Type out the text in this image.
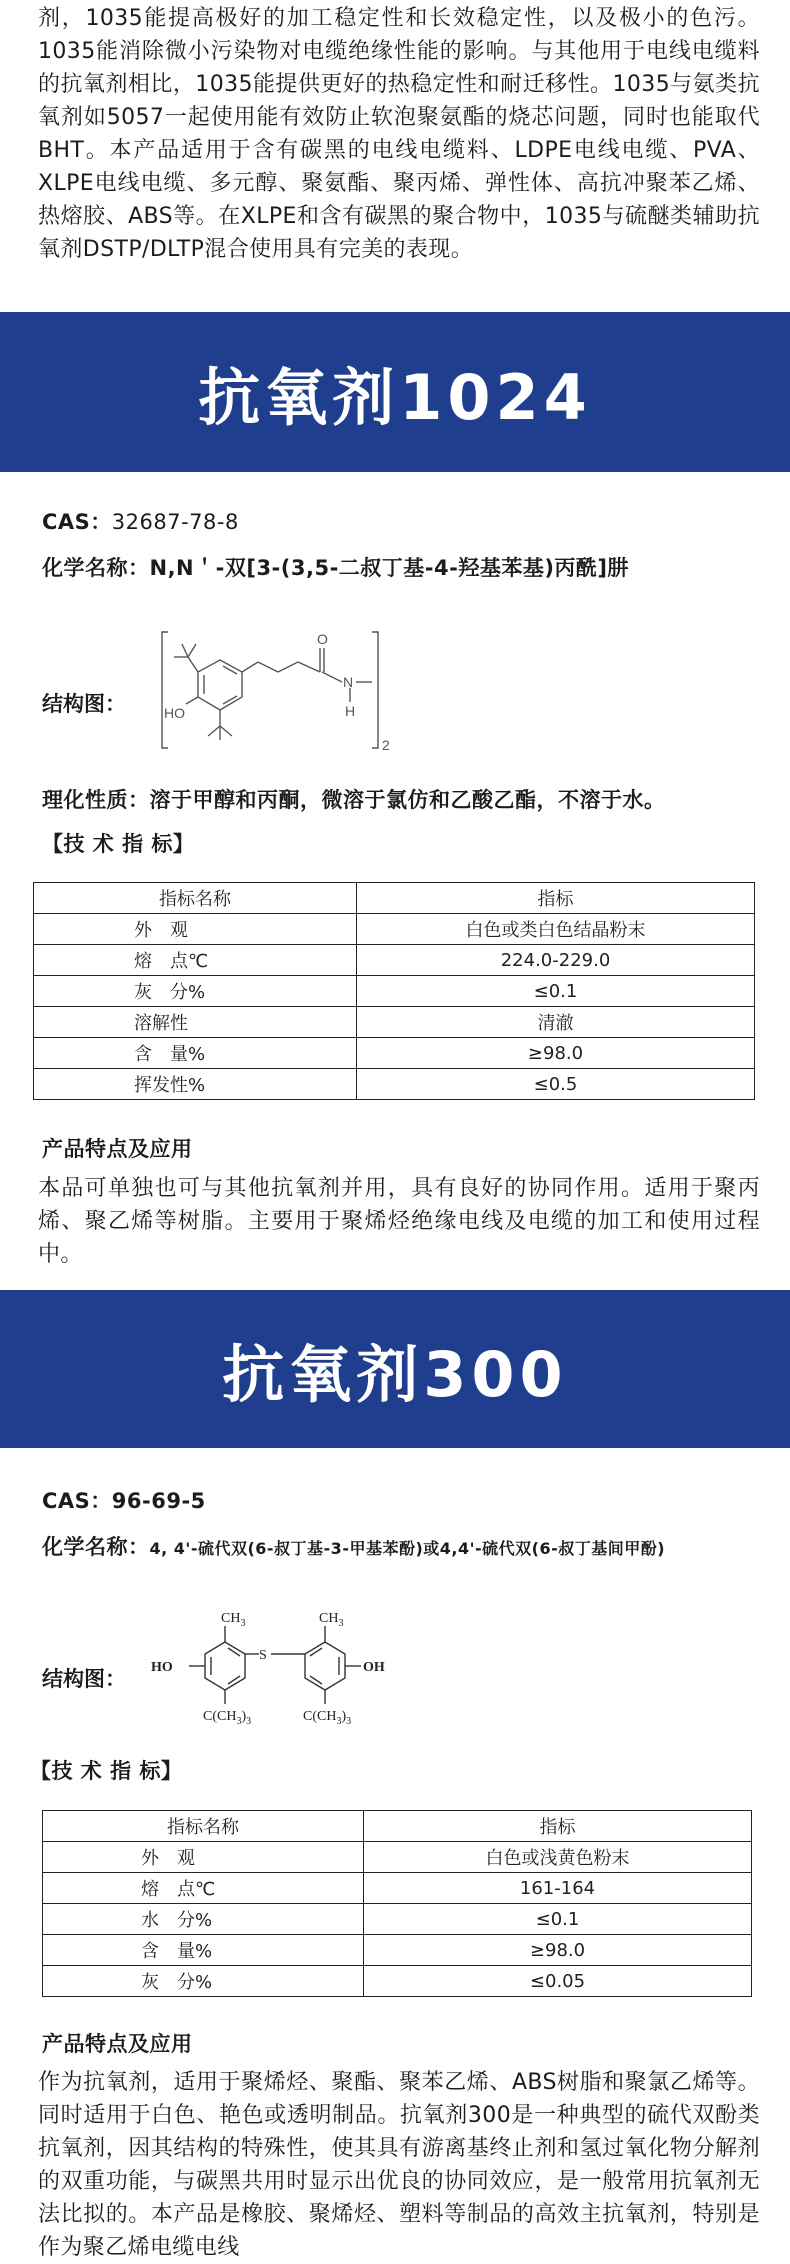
剂，1035能提高极好的加工稳定性和长效稳定性，以及极小的色污。1035能消除微小污染物对电缆绝缘性能的影响。与其他用于电线电缆料的抗氧剂相比，1035能提供更好的热稳定性和耐迁移性。1035与氨类抗氧剂如5057一起使用能有效防止软泡聚氨酯的烧芯问题，同时也能取代BHT。本产品适用于含有碳黑的电线电缆料、LDPE电线电缆、PVA、XLPE电线电缆、多元醇、聚氨酯、聚丙烯、弹性体、高抗冲聚苯乙烯、热熔胶、ABS等。在XLPE和含有碳黑的聚合物中，1035与硫醚类辅助抗氧剂DSTP/DLTP混合使用具有完美的表现。

抗氧剂1024
CAS：32687-78-8
化学名称：N,N＇-双[3-(3,5-二叔丁基-4-羟基苯基)丙酰]肼
结构图：	HO
O
N
H
2
理化性质：溶于甲醇和丙酮，微溶于氯仿和乙酸乙酯，不溶于水。
【技 术 指 标】
指标名称	指标
外　观	白色或类白色结晶粉末
熔　点℃	224.0-229.0
灰　分%	≤0.1
溶解性	清澈
含　量%	≥98.0
挥发性%	≤0.5
产品特点及应用

本品可单独也可与其他抗氧剂并用，具有良好的协同作用。适用于聚丙烯、聚乙烯等树脂。主要用于聚烯烃绝缘电线及电缆的加工和使用过程中。

抗氧剂300
CAS：96-69-5
化学名称：4, 4'-硫代双(6-叔丁基-3-甲基苯酚)或4,4'-硫代双(6-叔丁基间甲酚)
结构图： HO	OH
S
$CH_3$	$CH_3$
$C(CH_3)_3$	$C(CH_3)_3$
【技 术 指 标】
指标名称	指标
外　观	白色或浅黄色粉末
熔　点℃	161-164
水　分%	≤0.1
含　量%	≥98.0
灰　分%	≤0.05
产品特点及应用

作为抗氧剂，适用于聚烯烃、聚酯、聚苯乙烯、ABS树脂和聚氯乙烯等。同时适用于白色、艳色或透明制品。抗氧剂300是一种典型的硫代双酚类抗氧剂，因其结构的特殊性，使其具有游离基终止剂和氢过氧化物分解剂的双重功能，与碳黑共用时显示出优良的协同效应，是一般常用抗氧剂无法比拟的。本产品是橡胶、聚烯烃、塑料等制品的高效主抗氧剂，特别是作为聚乙烯电缆电线
